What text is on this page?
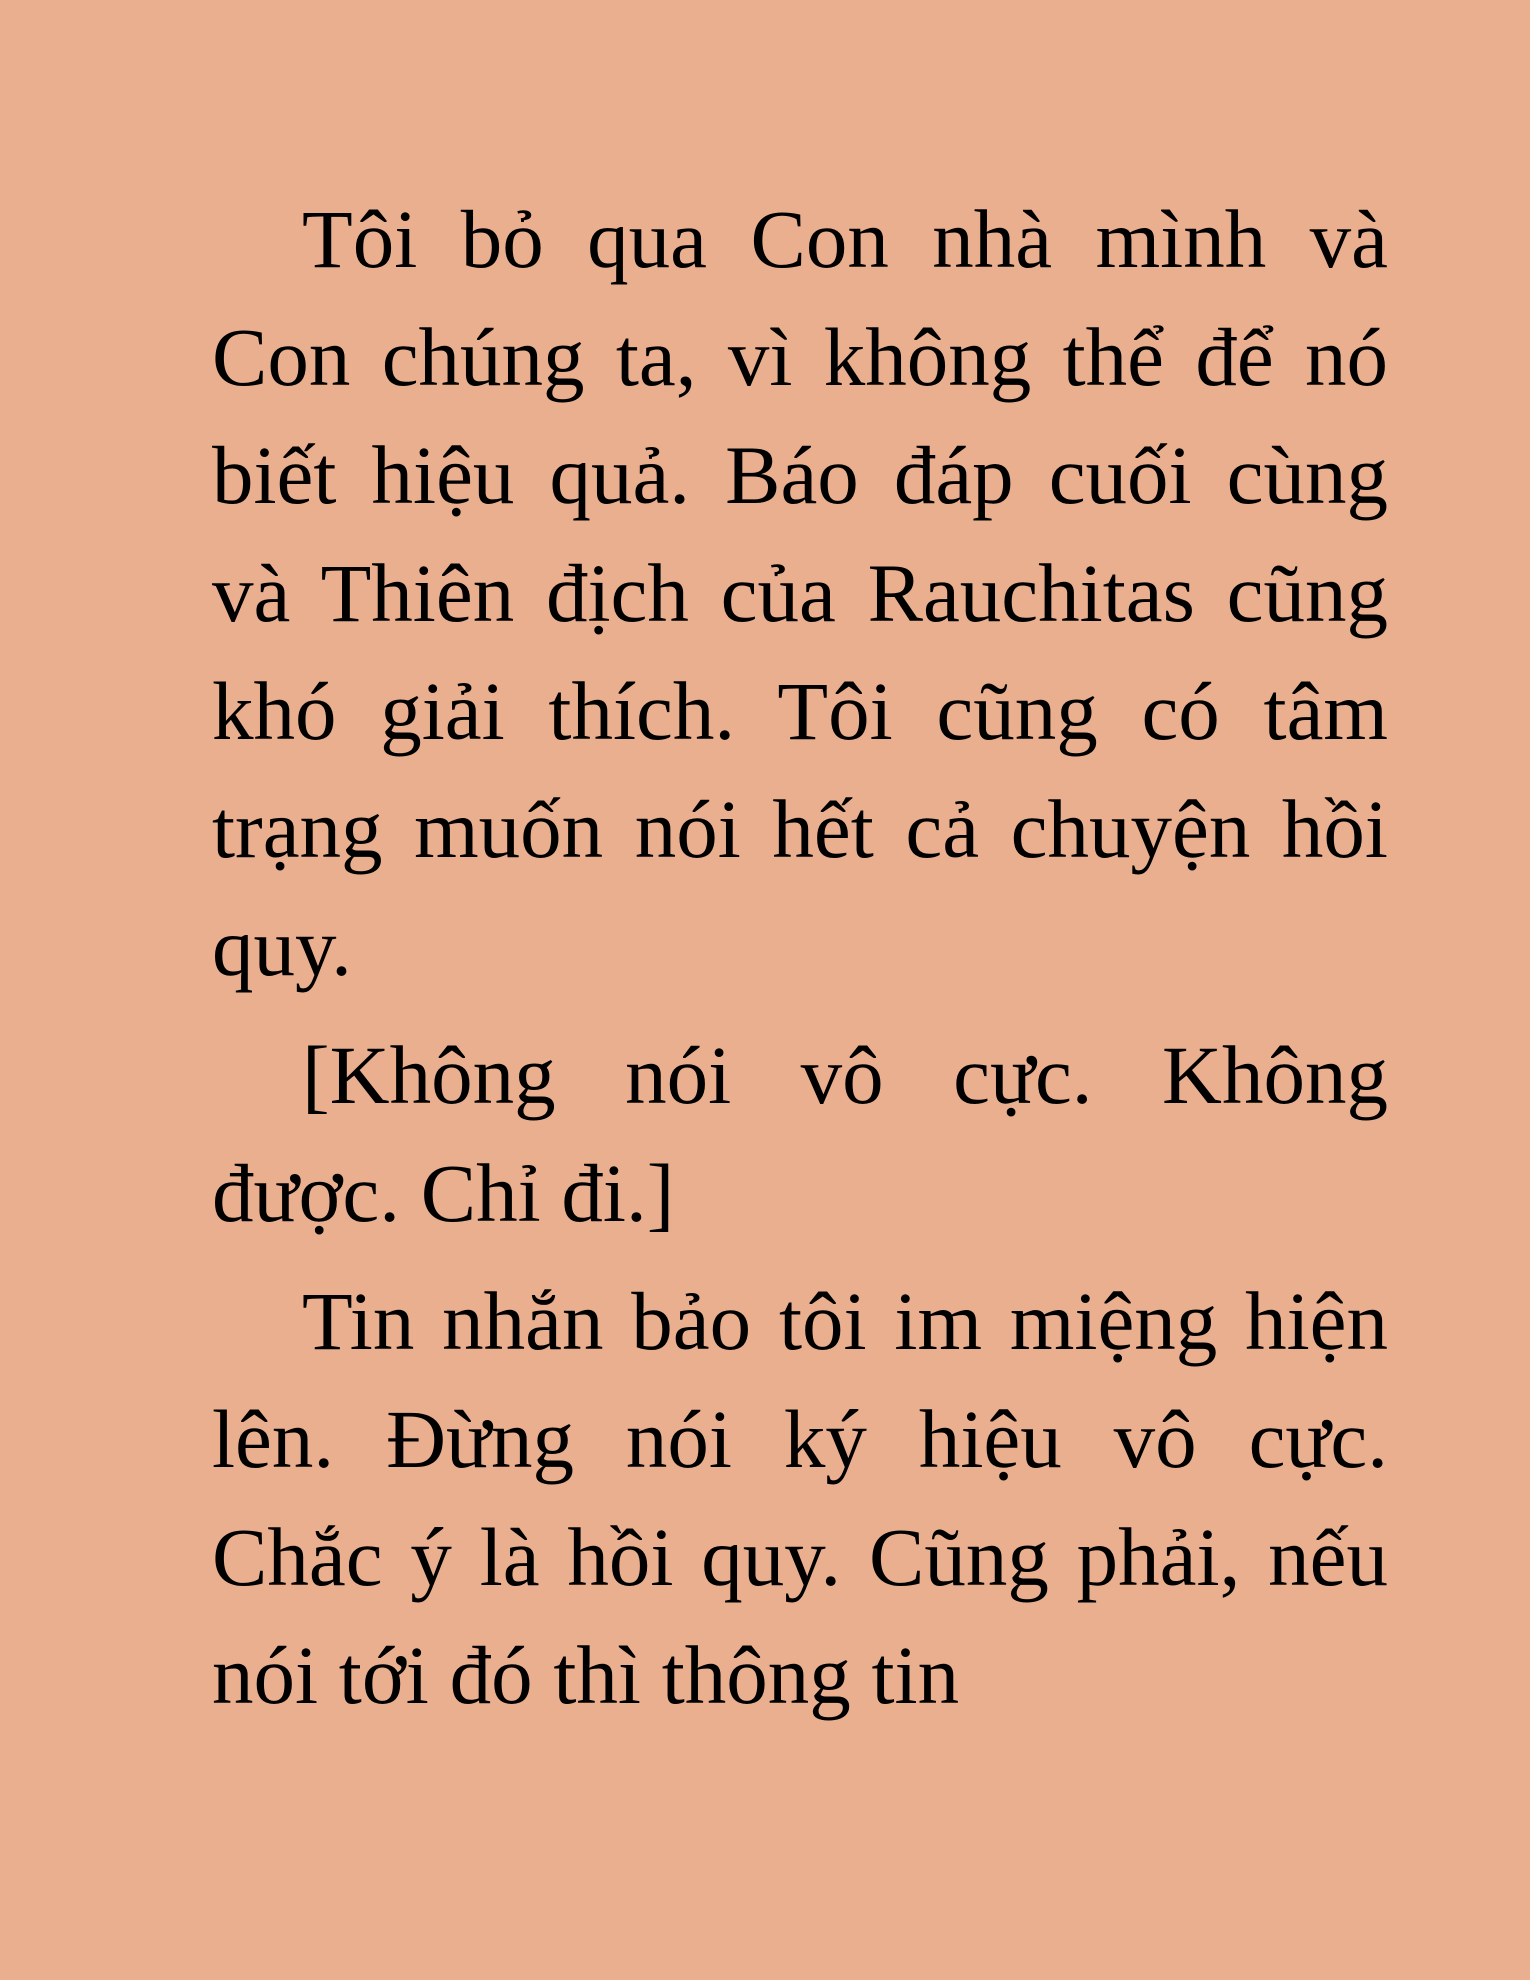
Tôi bỏ qua Con nhà mình và Con chúng ta, vì không thể để nó biết hiệu quả. Báo đáp cuối cùng và Thiên địch của Rauchitas cũng khó giải thích. Tôi cũng có tâm trạng muốn nói hết cả chuyện hồi quy.

[Không nói vô cực. Không được. Chỉ đi.]

Tin nhắn bảo tôi im miệng hiện lên. Đừng nói ký hiệu vô cực. Chắc ý là hồi quy. Cũng phải, nếu nói tới đó thì thông tin
